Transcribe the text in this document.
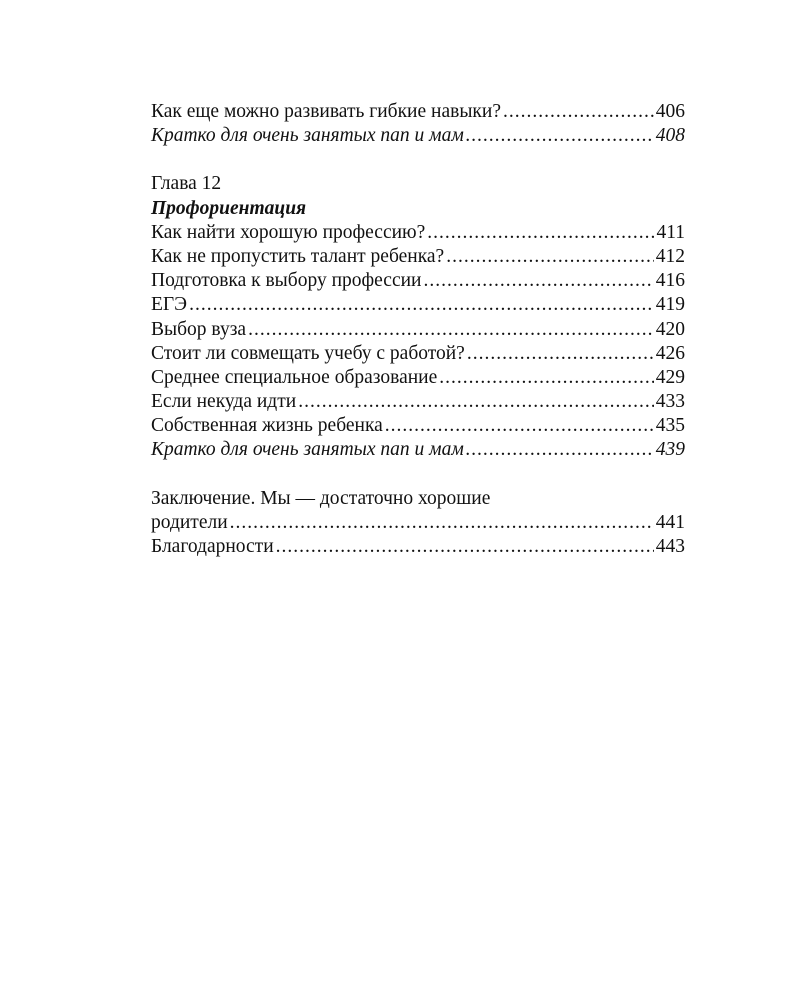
Как еще можно развивать гибкие навыки? .....	406
Кратко для очень занятых пап и мам .....	408
Глава 12
Профориентация
Как найти хорошую профессию? .....	411
Как не пропустить талант ребенка? .....	412
Подготовка к выбору профессии .....	416
ЕГЭ .....	419
Выбор вуза .....	420
Стоит ли совмещать учебу с работой? .....	426
Среднее специальное образование .....	429
Если некуда идти .....	433
Собственная жизнь ребенка .....	435
Кратко для очень занятых пап и мам .....	439
Заключение. Мы — достаточно хорошие
родители .....	441
Благодарности .....	443
